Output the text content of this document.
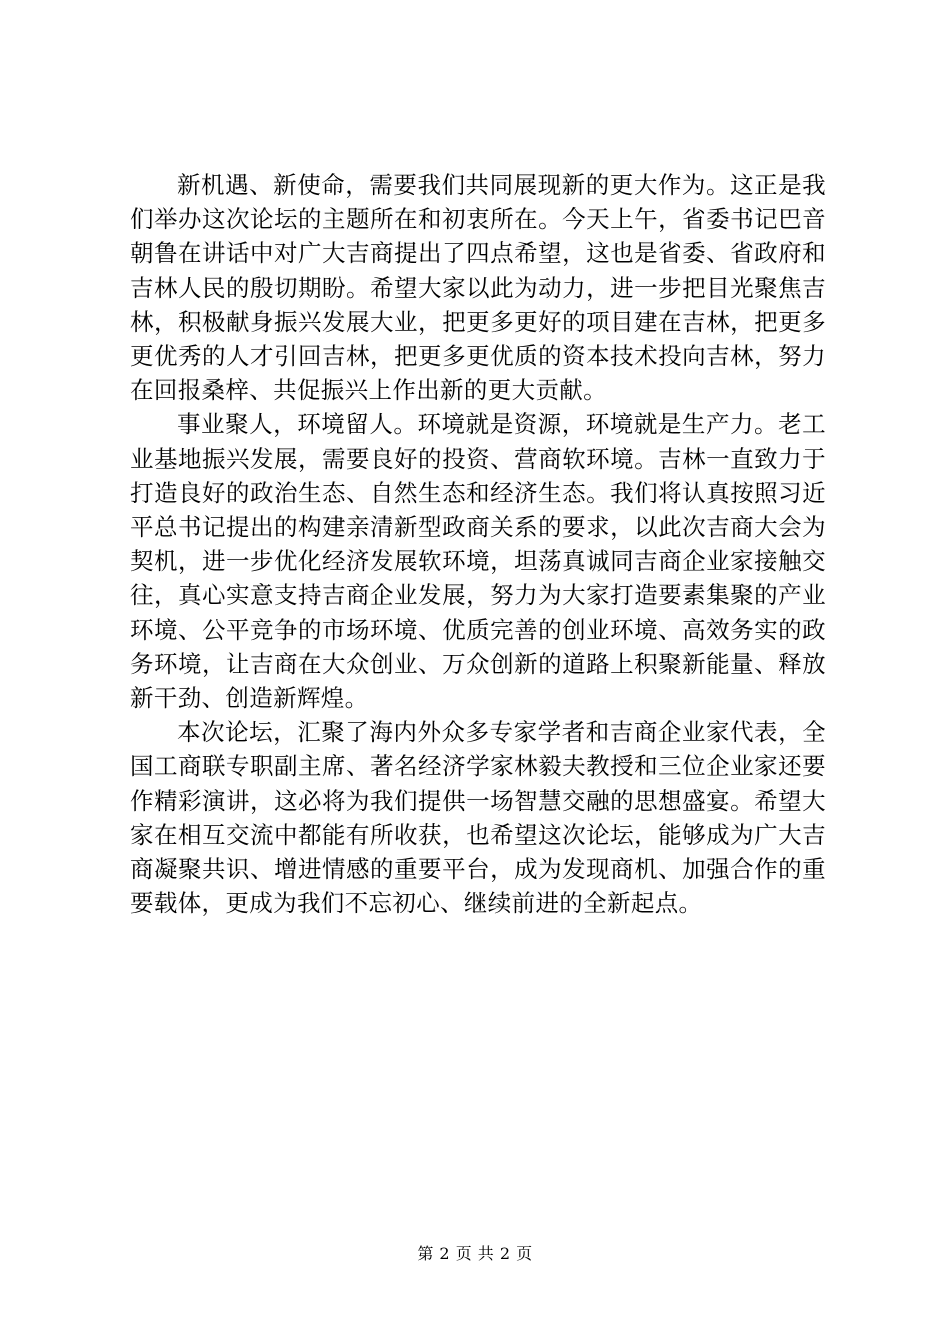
新机遇、新使命，需要我们共同展现新的更大作为。这正是我们举办这次论坛的主题所在和初衷所在。今天上午，省委书记巴音朝鲁在讲话中对广大吉商提出了四点希望，这也是省委、省政府和吉林人民的殷切期盼。希望大家以此为动力，进一步把目光聚焦吉林，积极献身振兴发展大业，把更多更好的项目建在吉林，把更多更优秀的人才引回吉林，把更多更优质的资本技术投向吉林，努力在回报桑梓、共促振兴上作出新的更大贡献。

事业聚人，环境留人。环境就是资源，环境就是生产力。老工业基地振兴发展，需要良好的投资、营商软环境。吉林一直致力于打造良好的政治生态、自然生态和经济生态。我们将认真按照习近平总书记提出的构建亲清新型政商关系的要求，以此次吉商大会为契机，进一步优化经济发展软环境，坦荡真诚同吉商企业家接触交往，真心实意支持吉商企业发展，努力为大家打造要素集聚的产业环境、公平竞争的市场环境、优质完善的创业环境、高效务实的政务环境，让吉商在大众创业、万众创新的道路上积聚新能量、释放新干劲、创造新辉煌。

本次论坛，汇聚了海内外众多专家学者和吉商企业家代表，全国工商联专职副主席、著名经济学家林毅夫教授和三位企业家还要作精彩演讲，这必将为我们提供一场智慧交融的思想盛宴。希望大家在相互交流中都能有所收获，也希望这次论坛，能够成为广大吉商凝聚共识、增进情感的重要平台，成为发现商机、加强合作的重要载体，更成为我们不忘初心、继续前进的全新起点。

第 2 页 共 2 页
